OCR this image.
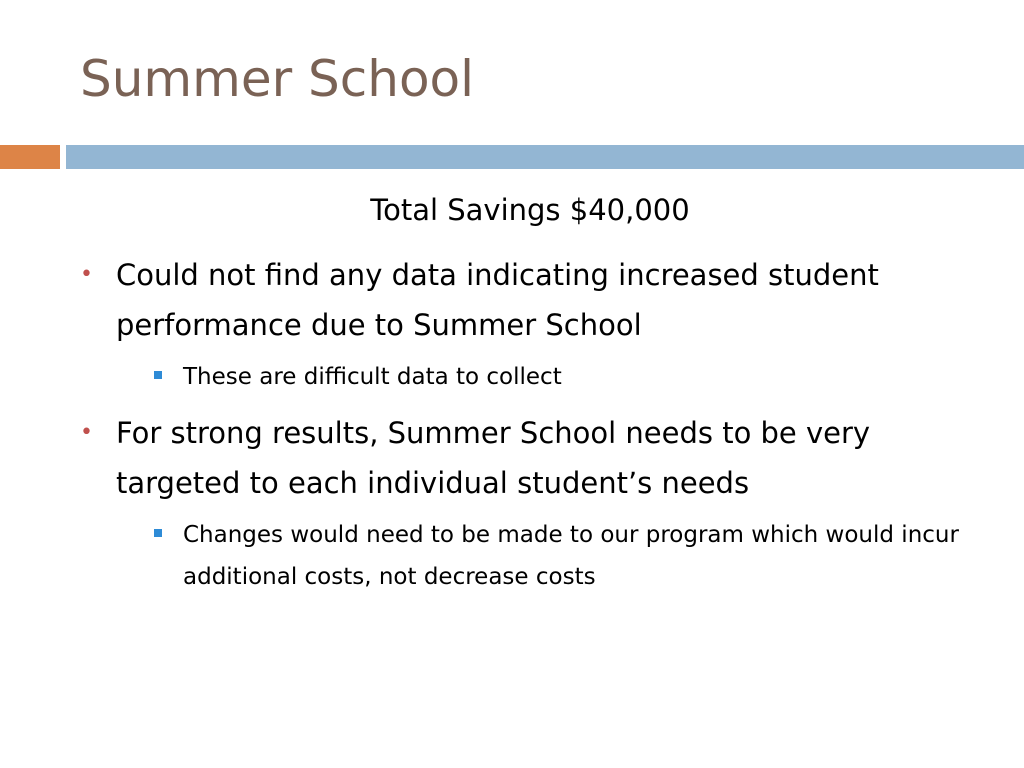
Summer School
Total Savings $40,000
• Could not find any data indicating increased student performance due to Summer School
These are difficult data to collect
• For strong results, Summer School needs to be very targeted to each individual student’s needs
Changes would need to be made to our program which would incur additional costs, not decrease costs
